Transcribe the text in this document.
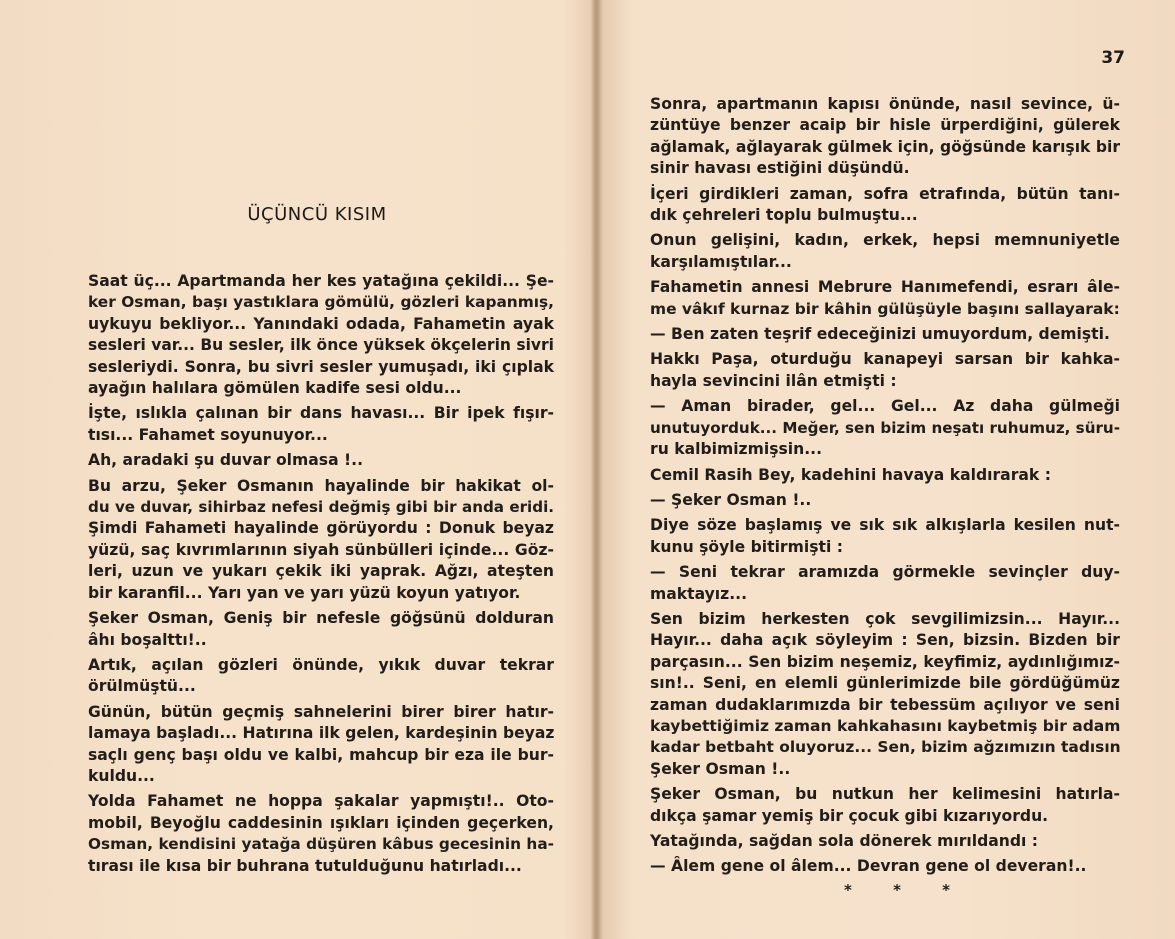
ÜÇÜNCÜ KISIM

Saat üç... Apartmanda her kes yatağına çekildi... Şe-
ker Osman, başı yastıklara gömülü, gözleri kapanmış,
uykuyu bekliyor... Yanındaki odada, Fahametin ayak
sesleri var... Bu sesler, ilk önce yüksek ökçelerin sivri
sesleriydi. Sonra, bu sivri sesler yumuşadı, iki çıplak
ayağın halılara gömülen kadife sesi oldu...

İşte, ıslıkla çalınan bir dans havası... Bir ipek fışır-
tısı... Fahamet soyunuyor...

Ah, aradaki şu duvar olmasa !..

Bu arzu, Şeker Osmanın hayalinde bir hakikat ol-
du ve duvar, sihirbaz nefesi değmiş gibi bir anda eridi.
Şimdi Fahameti hayalinde görüyordu : Donuk beyaz
yüzü, saç kıvrımlarının siyah sünbülleri içinde... Göz-
leri, uzun ve yukarı çekik iki yaprak. Ağzı, ateşten
bir karanfil... Yarı yan ve yarı yüzü koyun yatıyor.

Şeker Osman, Geniş bir nefesle göğsünü dolduran
âhı boşalttı!..

Artık, açılan gözleri önünde, yıkık duvar tekrar
örülmüştü...

Günün, bütün geçmiş sahnelerini birer birer hatır-
lamaya başladı... Hatırına ilk gelen, kardeşinin beyaz
saçlı genç başı oldu ve kalbi, mahcup bir eza ile bur-
kuldu...

Yolda Fahamet ne hoppa şakalar yapmıştı!.. Oto-
mobil, Beyoğlu caddesinin ışıkları içinden geçerken,
Osman, kendisini yatağa düşüren kâbus gecesinin ha-
tırası ile kısa bir buhrana tutulduğunu hatırladı...

37

Sonra, apartmanın kapısı önünde, nasıl sevince, ü-
züntüye benzer acaip bir hisle ürperdiğini, gülerek
ağlamak, ağlayarak gülmek için, göğsünde karışık bir
sinir havası estiğini düşündü.

İçeri girdikleri zaman, sofra etrafında, bütün tanı-
dık çehreleri toplu bulmuştu...

Onun gelişini, kadın, erkek, hepsi memnuniyetle
karşılamıştılar...

Fahametin annesi Mebrure Hanımefendi, esrarı âle-
me vâkıf kurnaz bir kâhin gülüşüyle başını sallayarak:

— Ben zaten teşrif edeceğinizi umuyordum, demişti.

Hakkı Paşa, oturduğu kanapeyi sarsan bir kahka-
hayla sevincini ilân etmişti :

— Aman birader, gel... Gel... Az daha gülmeği
unutuyorduk... Meğer, sen bizim neşatı ruhumuz, süru-
ru kalbimizmişsin...

Cemil Rasih Bey, kadehini havaya kaldırarak :

— Şeker Osman !..

Diye söze başlamış ve sık sık alkışlarla kesilen nut-
kunu şöyle bitirmişti :

— Seni tekrar aramızda görmekle sevinçler duy-
maktayız...

Sen bizim herkesten çok sevgilimizsin... Hayır...
Hayır... daha açık söyleyim : Sen, bizsin. Bizden bir
parçasın... Sen bizim neşemiz, keyfimiz, aydınlığımız-
sın!.. Seni, en elemli günlerimizde bile gördüğümüz
zaman dudaklarımızda bir tebessüm açılıyor ve seni
kaybettiğimiz zaman kahkahasını kaybetmiş bir adam
kadar betbaht oluyoruz... Sen, bizim ağzımızın tadısın
Şeker Osman !..

Şeker Osman, bu nutkun her kelimesini hatırla-
dıkça şamar yemiş bir çocuk gibi kızarıyordu.

Yatağında, sağdan sola dönerek mırıldandı :

— Âlem gene ol âlem... Devran gene ol deveran!..

* * *
